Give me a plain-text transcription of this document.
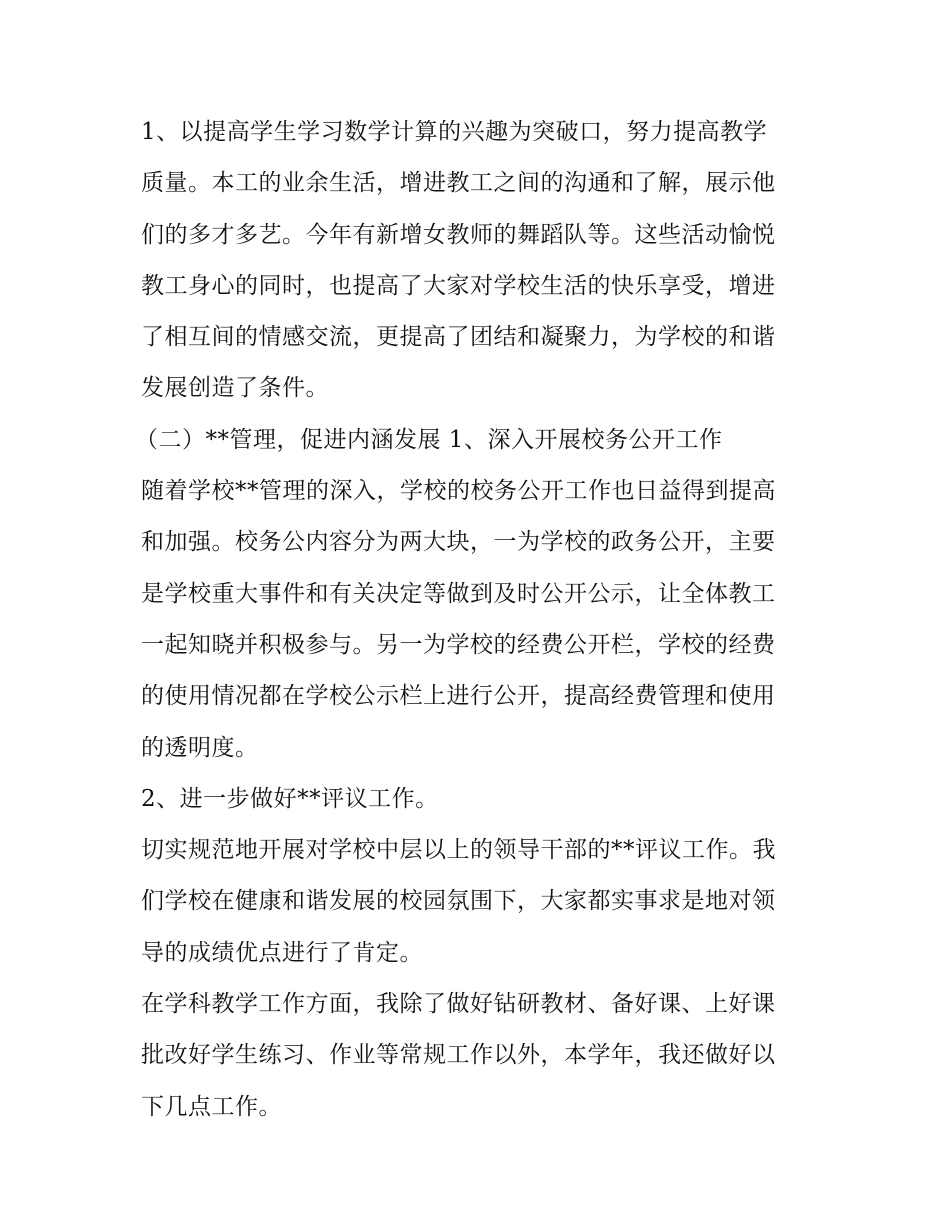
1、以提高学生学习数学计算的兴趣为突破口，努力提高教学
质量。本工的业余生活，增进教工之间的沟通和了解，展示他
们的多才多艺。今年有新增女教师的舞蹈队等。这些活动愉悦
教工身心的同时，也提高了大家对学校生活的快乐享受，增进
了相互间的情感交流，更提高了团结和凝聚力，为学校的和谐
发展创造了条件。
（二）**管理，促进内涵发展 1、深入开展校务公开工作
随着学校**管理的深入，学校的校务公开工作也日益得到提高
和加强。校务公内容分为两大块，一为学校的政务公开，主要
是学校重大事件和有关决定等做到及时公开公示，让全体教工
一起知晓并积极参与。另一为学校的经费公开栏，学校的经费
的使用情况都在学校公示栏上进行公开，提高经费管理和使用
的透明度。
2、进一步做好**评议工作。
切实规范地开展对学校中层以上的领导干部的**评议工作。我
们学校在健康和谐发展的校园氛围下，大家都实事求是地对领
导的成绩优点进行了肯定。
在学科教学工作方面，我除了做好钻研教材、备好课、上好课
批改好学生练习、作业等常规工作以外，本学年，我还做好以
下几点工作。
